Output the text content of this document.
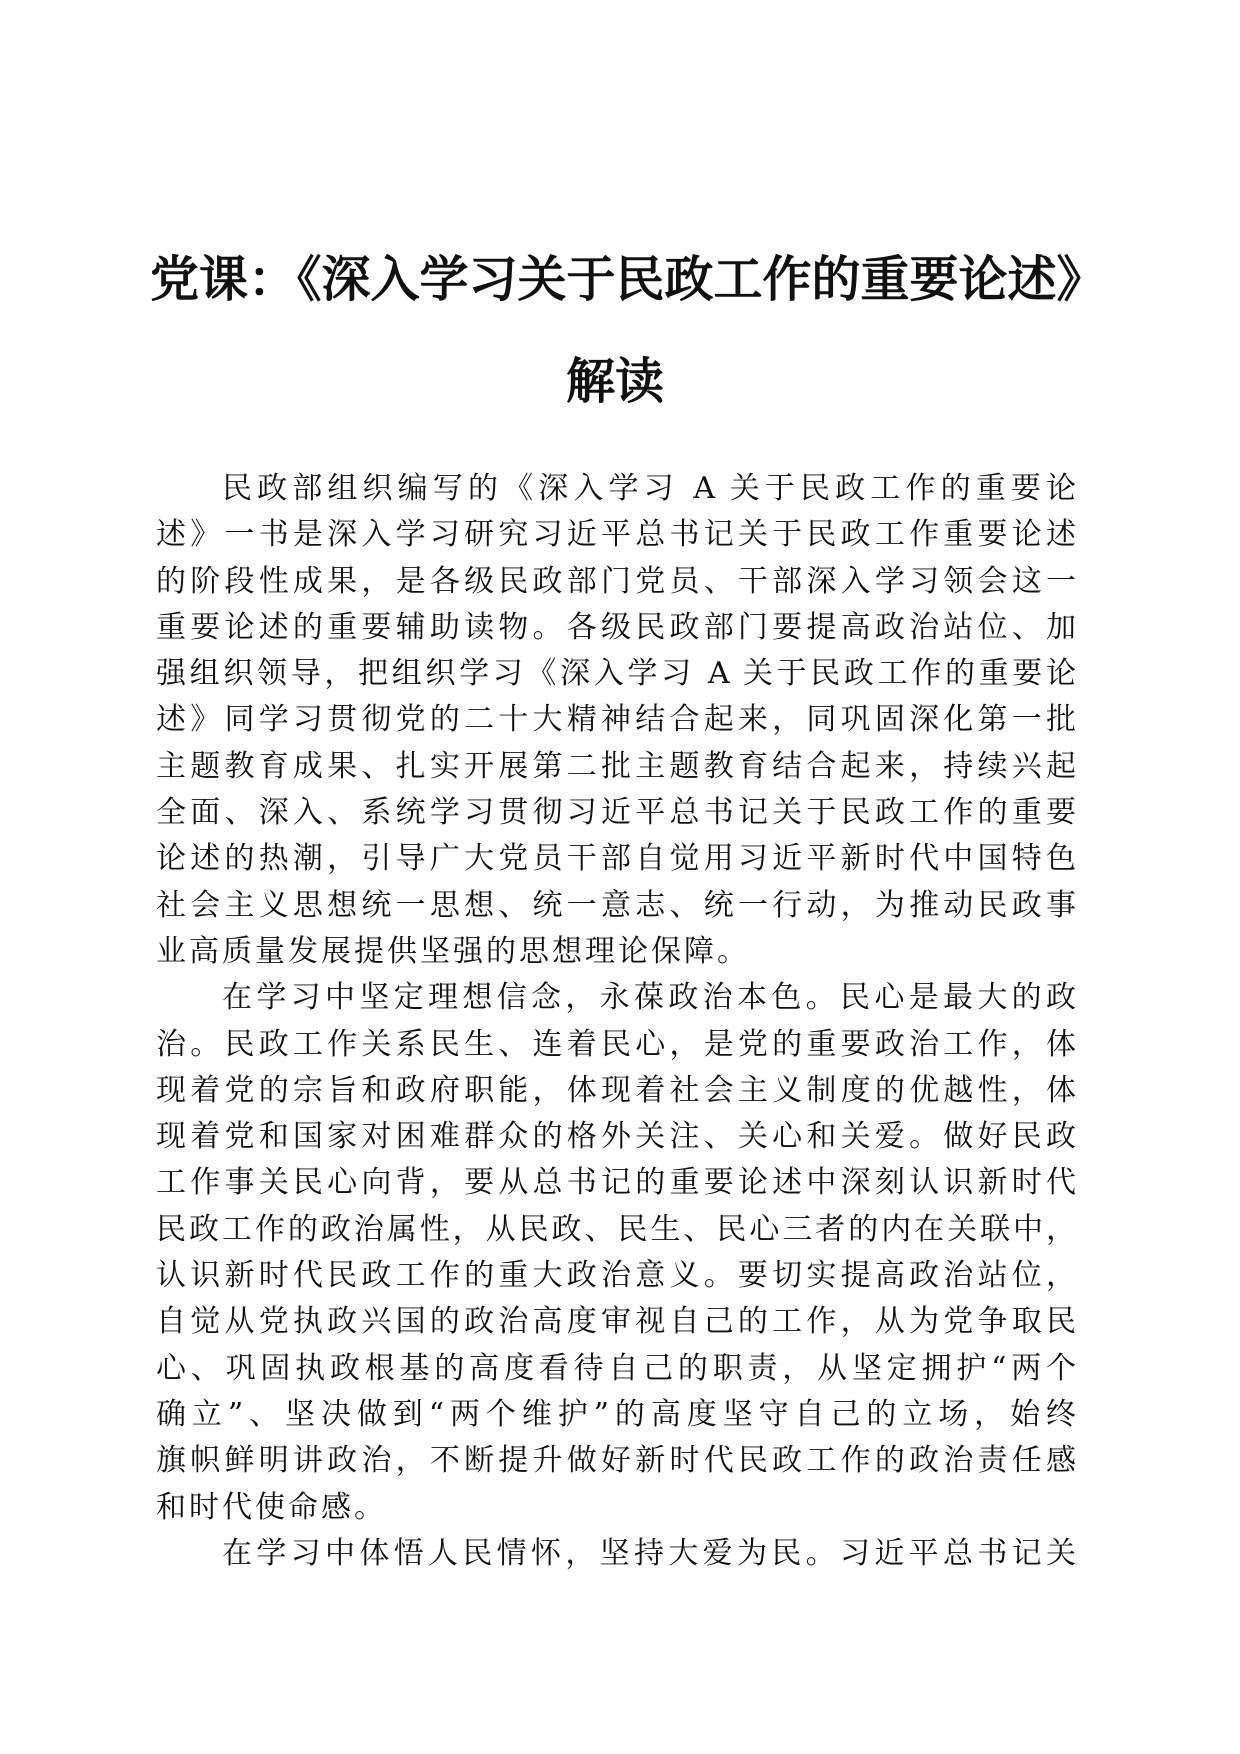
党课：《深入学习关于民政工作的重要论述》
解读

民政部组织编写的《深入学习 A 关于民政工作的重要论
述》一书是深入学习研究习近平总书记关于民政工作重要论述
的阶段性成果，是各级民政部门党员、干部深入学习领会这一
重要论述的重要辅助读物。各级民政部门要提高政治站位、加
强组织领导，把组织学习《深入学习 A 关于民政工作的重要论
述》同学习贯彻党的二十大精神结合起来，同巩固深化第一批
主题教育成果、扎实开展第二批主题教育结合起来，持续兴起
全面、深入、系统学习贯彻习近平总书记关于民政工作的重要
论述的热潮，引导广大党员干部自觉用习近平新时代中国特色
社会主义思想统一思想、统一意志、统一行动，为推动民政事
业高质量发展提供坚强的思想理论保障。

在学习中坚定理想信念，永葆政治本色。民心是最大的政
治。民政工作关系民生、连着民心，是党的重要政治工作，体
现着党的宗旨和政府职能，体现着社会主义制度的优越性，体
现着党和国家对困难群众的格外关注、关心和关爱。做好民政
工作事关民心向背，要从总书记的重要论述中深刻认识新时代
民政工作的政治属性，从民政、民生、民心三者的内在关联中，
认识新时代民政工作的重大政治意义。要切实提高政治站位，
自觉从党执政兴国的政治高度审视自己的工作，从为党争取民
心、巩固执政根基的高度看待自己的职责，从坚定拥护“两个
确立”、坚决做到“两个维护”的高度坚守自己的立场，始终
旗帜鲜明讲政治，不断提升做好新时代民政工作的政治责任感
和时代使命感。

在学习中体悟人民情怀，坚持大爱为民。习近平总书记关
